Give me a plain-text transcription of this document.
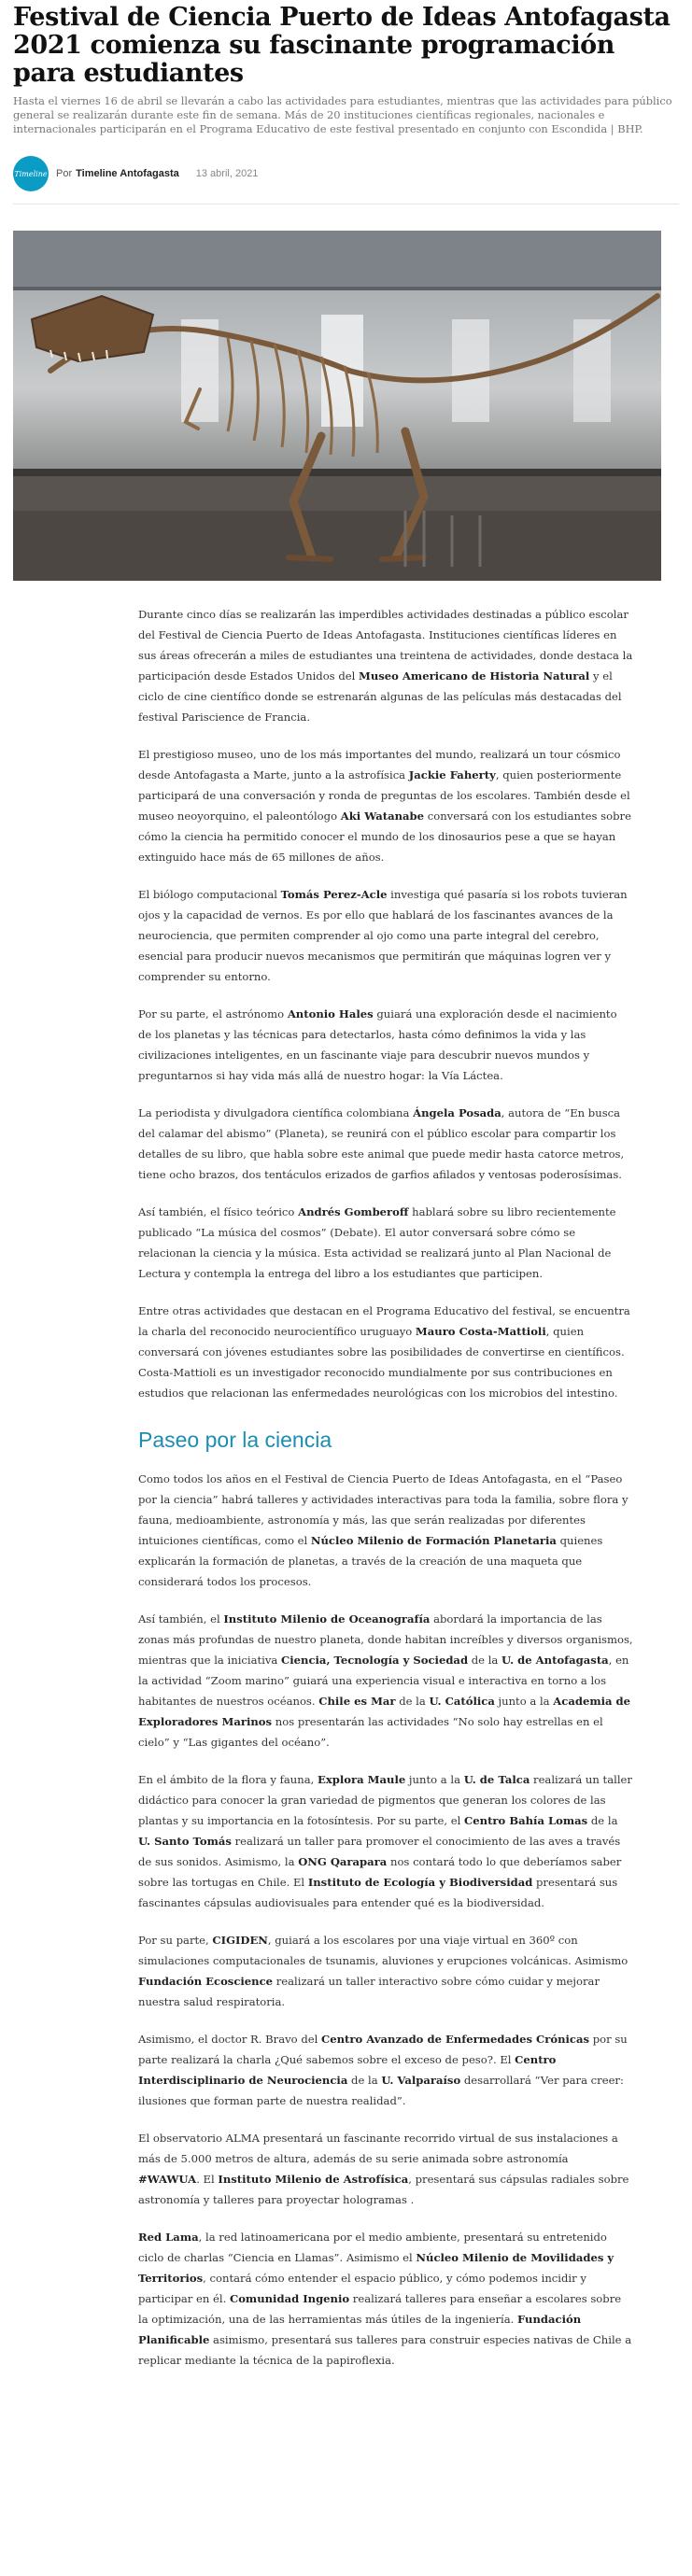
Festival de Ciencia Puerto de Ideas Antofagasta 2021 comienza su fascinante programación para estudiantes

Hasta el viernes 16 de abril se llevarán a cabo las actividades para estudiantes, mientras que las actividades para público general se realizarán durante este fin de semana. Más de 20 instituciones científicas regionales, nacionales e internacionales participarán en el Programa Educativo de este festival presentado en conjunto con Escondida | BHP.

Timeline Por Timeline Antofagasta 13 abril, 2021

Durante cinco días se realizarán las imperdibles actividades destinadas a público escolar del Festival de Ciencia Puerto de Ideas Antofagasta. Instituciones científicas líderes en sus áreas ofrecerán a miles de estudiantes una treintena de actividades, donde destaca la participación desde Estados Unidos del Museo Americano de Historia Natural y el ciclo de cine científico donde se estrenarán algunas de las películas más destacadas del festival Pariscience de Francia.

El prestigioso museo, uno de los más importantes del mundo, realizará un tour cósmico desde Antofagasta a Marte, junto a la astrofísica Jackie Faherty, quien posteriormente participará de una conversación y ronda de preguntas de los escolares. También desde el museo neoyorquino, el paleontólogo Aki Watanabe conversará con los estudiantes sobre cómo la ciencia ha permitido conocer el mundo de los dinosaurios pese a que se hayan extinguido hace más de 65 millones de años.

El biólogo computacional Tomás Perez-Acle investiga qué pasaría si los robots tuvieran ojos y la capacidad de vernos. Es por ello que hablará de los fascinantes avances de la neurociencia, que permiten comprender al ojo como una parte integral del cerebro, esencial para producir nuevos mecanismos que permitirán que máquinas logren ver y comprender su entorno.

Por su parte, el astrónomo Antonio Hales guiará una exploración desde el nacimiento de los planetas y las técnicas para detectarlos, hasta cómo definimos la vida y las civilizaciones inteligentes, en un fascinante viaje para descubrir nuevos mundos y preguntarnos si hay vida más allá de nuestro hogar: la Vía Láctea.

La periodista y divulgadora científica colombiana Ángela Posada, autora de “En busca del calamar del abismo” (Planeta), se reunirá con el público escolar para compartir los detalles de su libro, que habla sobre este animal que puede medir hasta catorce metros, tiene ocho brazos, dos tentáculos erizados de garfios afilados y ventosas poderosísimas.

Así también, el físico teórico Andrés Gomberoff hablará sobre su libro recientemente publicado “La música del cosmos” (Debate). El autor conversará sobre cómo se relacionan la ciencia y la música. Esta actividad se realizará junto al Plan Nacional de Lectura y contempla la entrega del libro a los estudiantes que participen.

Entre otras actividades que destacan en el Programa Educativo del festival, se encuentra la charla del reconocido neurocientífico uruguayo Mauro Costa-Mattioli, quien conversará con jóvenes estudiantes sobre las posibilidades de convertirse en científicos. Costa-Mattioli es un investigador reconocido mundialmente por sus contribuciones en estudios que relacionan las enfermedades neurológicas con los microbios del intestino.

Paseo por la ciencia

Como todos los años en el Festival de Ciencia Puerto de Ideas Antofagasta, en el “Paseo por la ciencia” habrá talleres y actividades interactivas para toda la familia, sobre flora y fauna, medioambiente, astronomía y más, las que serán realizadas por diferentes intuiciones científicas, como el Núcleo Milenio de Formación Planetaria quienes explicarán la formación de planetas, a través de la creación de una maqueta que considerará todos los procesos.

Así también, el Instituto Milenio de Oceanografía abordará la importancia de las zonas más profundas de nuestro planeta, donde habitan increíbles y diversos organismos, mientras que la iniciativa Ciencia, Tecnología y Sociedad de la U. de Antofagasta, en la actividad “Zoom marino” guiará una experiencia visual e interactiva en torno a los habitantes de nuestros océanos. Chile es Mar de la U. Católica junto a la Academia de Exploradores Marinos nos presentarán las actividades “No solo hay estrellas en el cielo” y “Las gigantes del océano”.

En el ámbito de la flora y fauna, Explora Maule junto a la U. de Talca realizará un taller didáctico para conocer la gran variedad de pigmentos que generan los colores de las plantas y su importancia en la fotosíntesis. Por su parte, el Centro Bahía Lomas de la U. Santo Tomás realizará un taller para promover el conocimiento de las aves a través de sus sonidos. Asimismo, la ONG Qarapara nos contará todo lo que deberíamos saber sobre las tortugas en Chile. El Instituto de Ecología y Biodiversidad presentará sus fascinantes cápsulas audiovisuales para entender qué es la biodiversidad.

Por su parte, CIGIDEN, guiará a los escolares por una viaje virtual en 360º con simulaciones computacionales de tsunamis, aluviones y erupciones volcánicas. Asimismo Fundación Ecoscience realizará un taller interactivo sobre cómo cuidar y mejorar nuestra salud respiratoria.

Asimismo, el doctor R. Bravo del Centro Avanzado de Enfermedades Crónicas por su parte realizará la charla ¿Qué sabemos sobre el exceso de peso?. El Centro Interdisciplinario de Neurociencia de la U. Valparaíso desarrollará “Ver para creer: ilusiones que forman parte de nuestra realidad”.

El observatorio ALMA presentará un fascinante recorrido virtual de sus instalaciones a más de 5.000 metros de altura, además de su serie animada sobre astronomía #WAWUA. El Instituto Milenio de Astrofísica, presentará sus cápsulas radiales sobre astronomía y talleres para proyectar hologramas .

Red Lama, la red latinoamericana por el medio ambiente, presentará su entretenido ciclo de charlas “Ciencia en Llamas”. Asimismo el Núcleo Milenio de Movilidades y Territorios, contará cómo entender el espacio público, y cómo podemos incidir y participar en él. Comunidad Ingenio realizará talleres para enseñar a escolares sobre la optimización, una de las herramientas más útiles de la ingeniería. Fundación Planificable asimismo, presentará sus talleres para construir especies nativas de Chile a replicar mediante la técnica de la papiroflexia.
